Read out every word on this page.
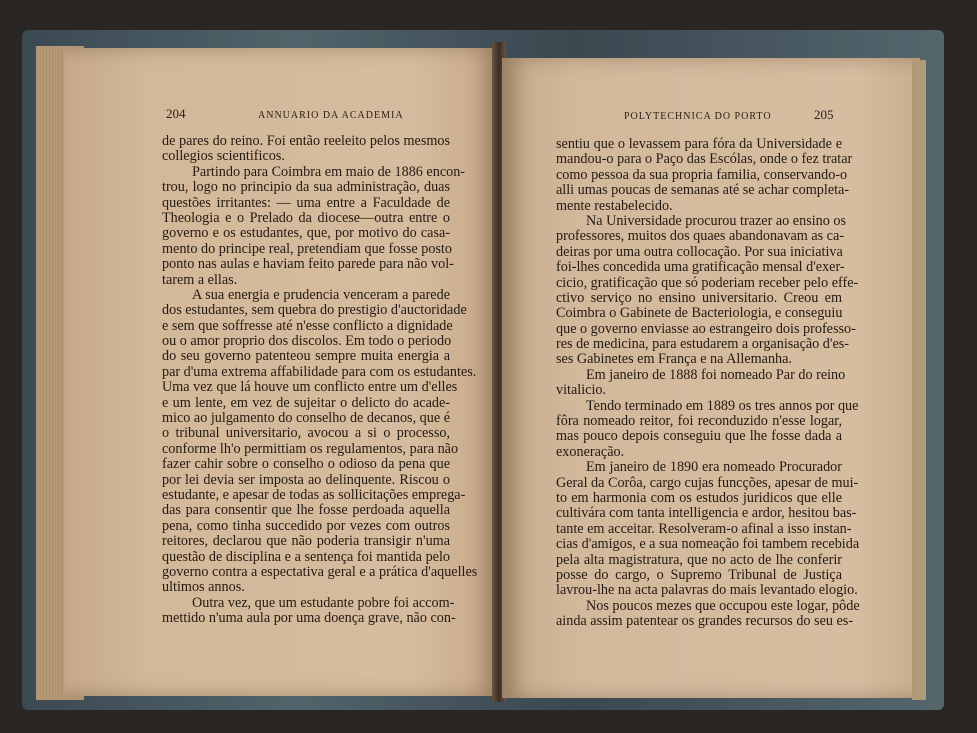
204	ANNUARIO DA ACADEMIA
de pares do reino. Foi então reeleito pelos mesmos
collegios scientificos.
Partindo para Coimbra em maio de 1886 encon-
trou, logo no principio da sua administração, duas
questões irritantes: — uma entre a Faculdade de
Theologia e o Prelado da diocese—outra entre o
governo e os estudantes, que, por motivo do casa-
mento do principe real, pretendiam que fosse posto
ponto nas aulas e haviam feito parede para não vol-
tarem a ellas.
A sua energia e prudencia venceram a parede
dos estudantes, sem quebra do prestigio d'auctoridade
e sem que soffresse até n'esse conflicto a dignidade
ou o amor proprio dos discolos. Em todo o periodo
do seu governo patenteou sempre muita energia a
par d'uma extrema affabilidade para com os estudantes.
Uma vez que lá houve um conflicto entre um d'elles
e um lente, em vez de sujeitar o delicto do acade-
mico ao julgamento do conselho de decanos, que é
o tribunal universitario, avocou a si o processo,
conforme lh'o permittiam os regulamentos, para não
fazer cahir sobre o conselho o odioso da pena que
por lei devia ser imposta ao delinquente. Riscou o
estudante, e apesar de todas as sollicitações emprega-
das para consentir que lhe fosse perdoada aquella
pena, como tinha succedido por vezes com outros
reitores, declarou que não poderia transigir n'uma
questão de disciplina e a sentença foi mantida pelo
governo contra a espectativa geral e a prática d'aquelles
ultimos annos.
Outra vez, que um estudante pobre foi accom-
mettido n'uma aula por uma doença grave, não con-
POLYTECHNICA DO PORTO	205
sentiu que o levassem para fóra da Universidade e
mandou-o para o Paço das Escólas, onde o fez tratar
como pessoa da sua propria familia, conservando-o
alli umas poucas de semanas até se achar completa-
mente restabelecido.
Na Universidade procurou trazer ao ensino os
professores, muitos dos quaes abandonavam as ca-
deiras por uma outra collocação. Por sua iniciativa
foi-lhes concedida uma gratificação mensal d'exer-
cicio, gratificação que só poderiam receber pelo effe-
ctivo serviço no ensino universitario. Creou em
Coimbra o Gabinete de Bacteriologia, e conseguiu
que o governo enviasse ao estrangeiro dois professo-
res de medicina, para estudarem a organisação d'es-
ses Gabinetes em França e na Allemanha.
Em janeiro de 1888 foi nomeado Par do reino
vitalicio.
Tendo terminado em 1889 os tres annos por que
fôra nomeado reitor, foi reconduzido n'esse logar,
mas pouco depois conseguiu que lhe fosse dada a
exoneração.
Em janeiro de 1890 era nomeado Procurador
Geral da Corôa, cargo cujas funcções, apesar de mui-
to em harmonia com os estudos juridicos que elle
cultivára com tanta intelligencia e ardor, hesitou bas-
tante em acceitar. Resolveram-o afinal a isso instan-
cias d'amigos, e a sua nomeação foi tambem recebida
pela alta magistratura, que no acto de lhe conferir
posse do cargo, o Supremo Tribunal de Justiça
lavrou-lhe na acta palavras do mais levantado elogio.
Nos poucos mezes que occupou este logar, pôde
ainda assim patentear os grandes recursos do seu es-
